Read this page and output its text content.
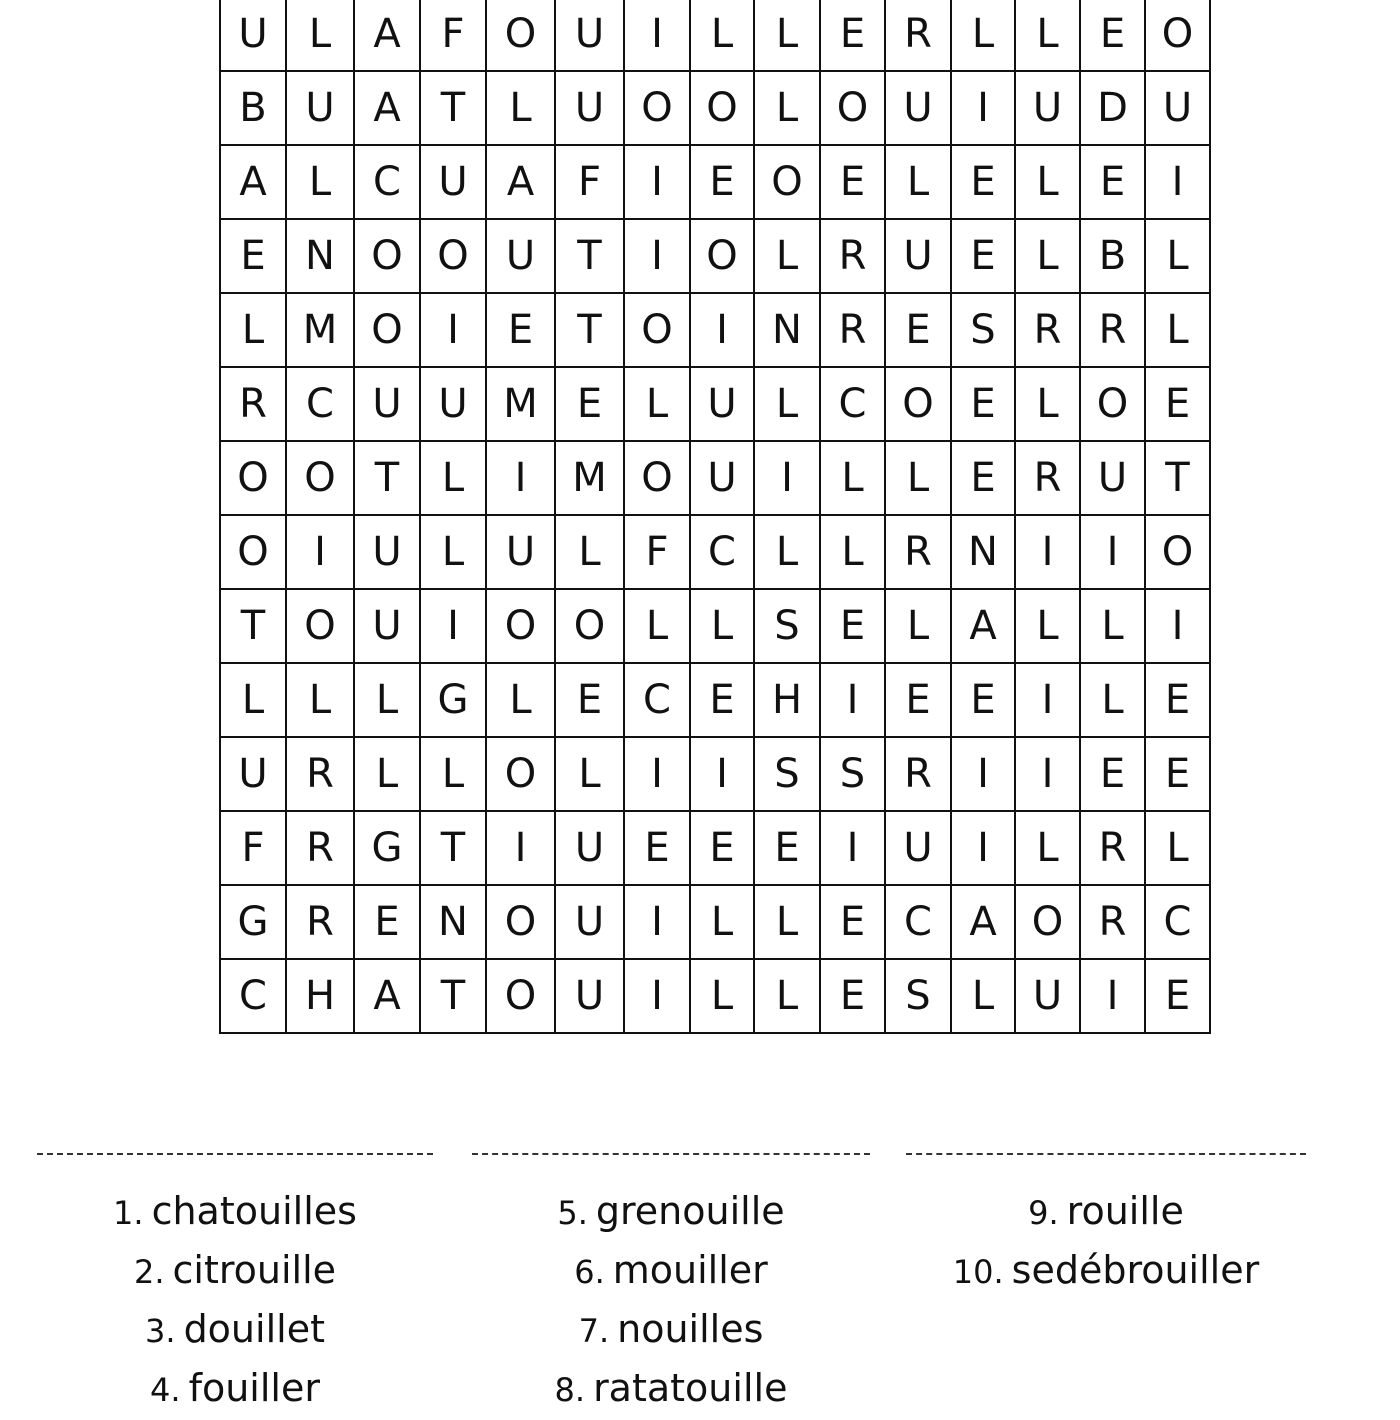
U	L	A	F	O	U	I	L	L	E	R	L	L	E	O
B	U	A	T	L	U	O	O	L	O	U	I	U	D	U
A	L	C	U	A	F	I	E	O	E	L	E	L	E	I
E	N	O	O	U	T	I	O	L	R	U	E	L	B	L
L	M	O	I	E	T	O	I	N	R	E	S	R	R	L
R	C	U	U	M	E	L	U	L	C	O	E	L	O	E
O	O	T	L	I	M	O	U	I	L	L	E	R	U	T
O	I	U	L	U	L	F	C	L	L	R	N	I	I	O
T	O	U	I	O	O	L	L	S	E	L	A	L	L	I
L	L	L	G	L	E	C	E	H	I	E	E	I	L	E
U	R	L	L	O	L	I	I	S	S	R	I	I	E	E
F	R	G	T	I	U	E	E	E	I	U	I	L	R	L
G	R	E	N	O	U	I	L	L	E	C	A	O	R	C
C	H	A	T	O	U	I	L	L	E	S	L	U	I	E
1. chatouilles
2. citrouille
3. douillet
4. fouiller
5. grenouille
6. mouiller
7. nouilles
8. ratatouille
9. rouille
10. sedébrouiller
